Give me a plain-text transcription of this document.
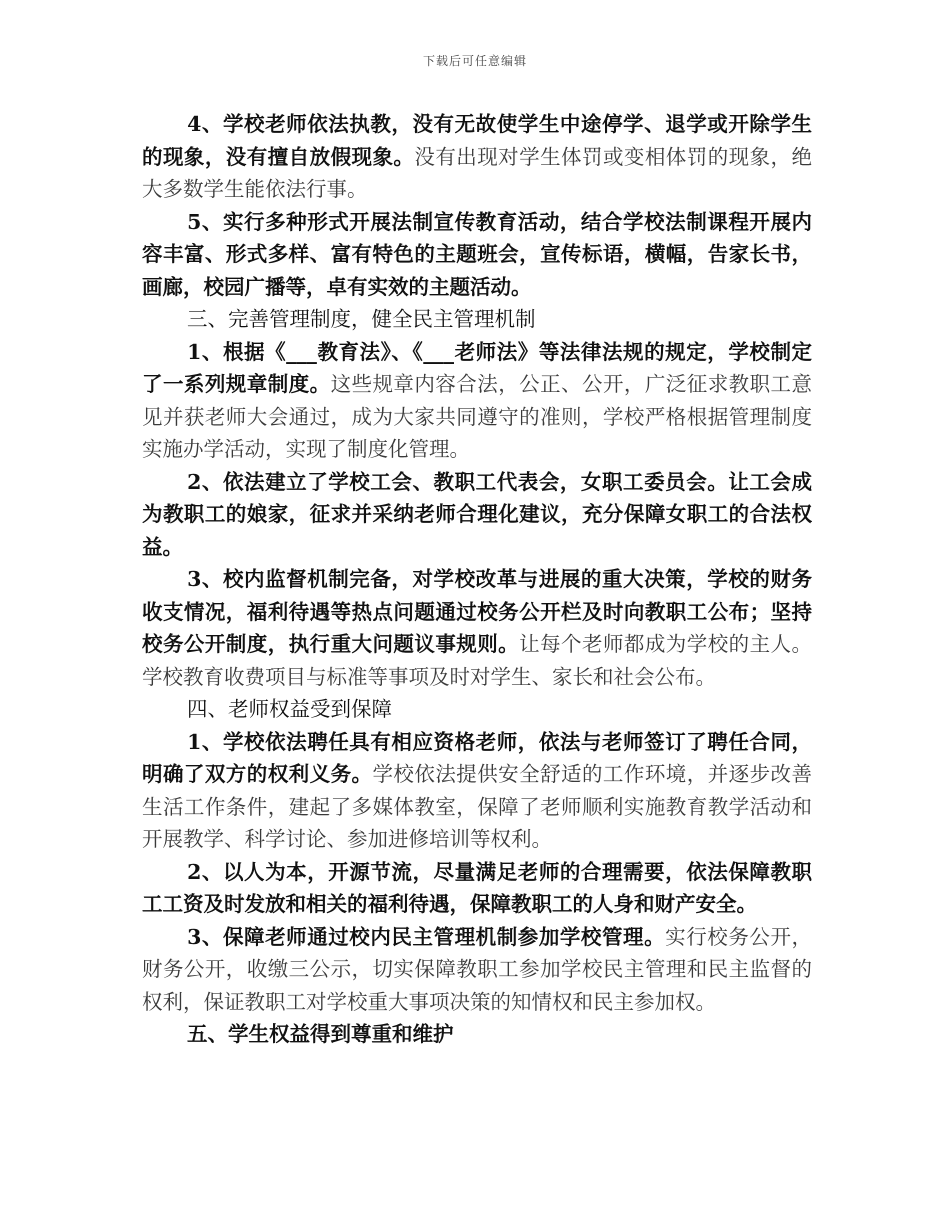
下载后可任意编辑

4、学校老师依法执教，没有无故使学生中途停学、退学或开除学生的现象，没有擅自放假现象。没有出现对学生体罚或变相体罚的现象，绝大多数学生能依法行事。

5、实行多种形式开展法制宣传教育活动，结合学校法制课程开展内容丰富、形式多样、富有特色的主题班会，宣传标语，横幅，告家长书，画廊，校园广播等，卓有实效的主题活动。

三、完善管理制度，健全民主管理机制

1、根据《___教育法》、《___老师法》等法律法规的规定，学校制定了一系列规章制度。这些规章内容合法，公正、公开，广泛征求教职工意见并获老师大会通过，成为大家共同遵守的准则，学校严格根据管理制度实施办学活动，实现了制度化管理。

2、依法建立了学校工会、教职工代表会，女职工委员会。让工会成为教职工的娘家，征求并采纳老师合理化建议，充分保障女职工的合法权益。

3、校内监督机制完备，对学校改革与进展的重大决策，学校的财务收支情况，福利待遇等热点问题通过校务公开栏及时向教职工公布；坚持校务公开制度，执行重大问题议事规则。让每个老师都成为学校的主人。学校教育收费项目与标准等事项及时对学生、家长和社会公布。

四、老师权益受到保障

1、学校依法聘任具有相应资格老师，依法与老师签订了聘任合同，明确了双方的权利义务。学校依法提供安全舒适的工作环境，并逐步改善生活工作条件，建起了多媒体教室，保障了老师顺利实施教育教学活动和开展教学、科学讨论、参加进修培训等权利。

2、以人为本，开源节流，尽量满足老师的合理需要，依法保障教职工工资及时发放和相关的福利待遇，保障教职工的人身和财产安全。

3、保障老师通过校内民主管理机制参加学校管理。实行校务公开，财务公开，收缴三公示，切实保障教职工参加学校民主管理和民主监督的权利，保证教职工对学校重大事项决策的知情权和民主参加权。

五、学生权益得到尊重和维护
